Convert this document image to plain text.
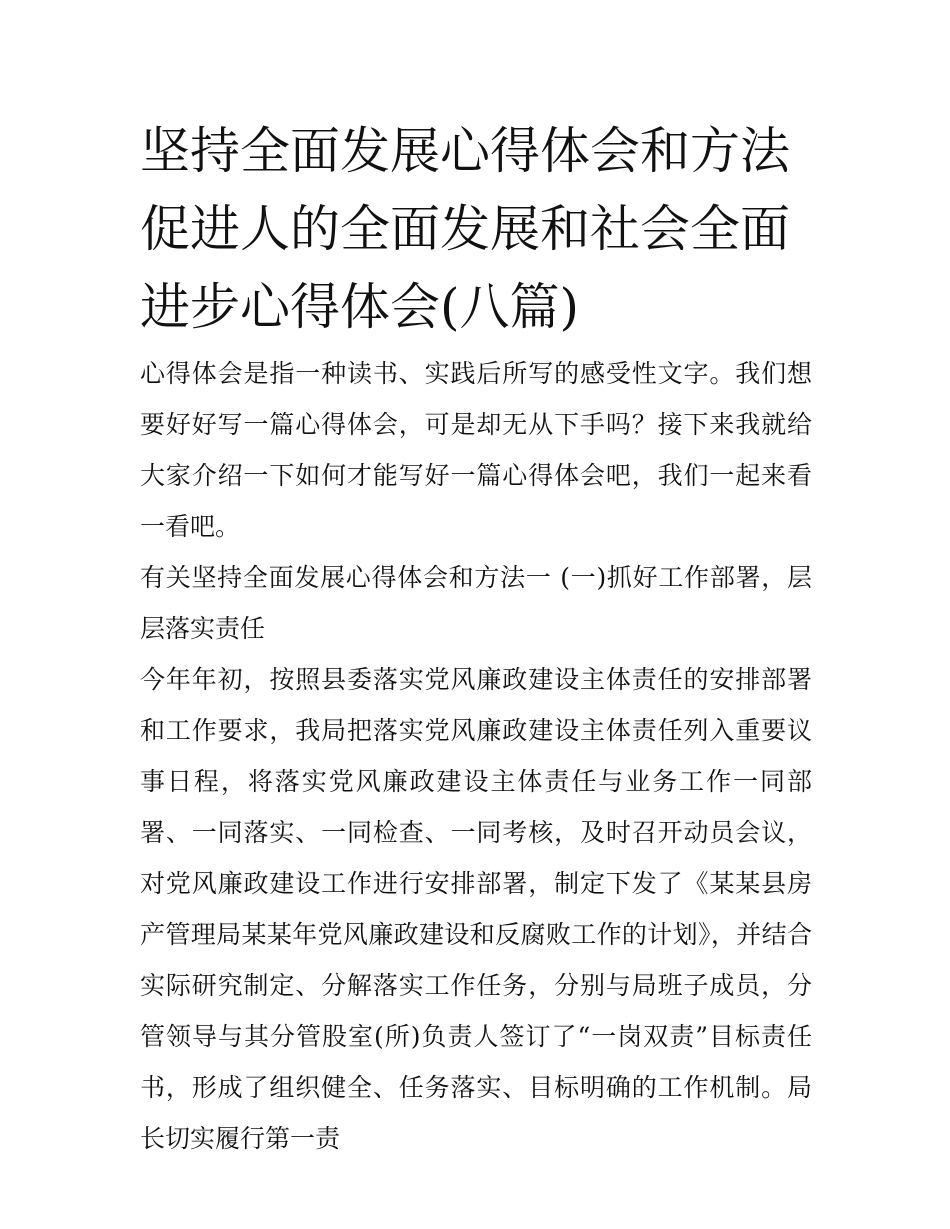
坚持全面发展心得体会和方法促进人的全面发展和社会全面进步心得体会(八篇)

心得体会是指一种读书、实践后所写的感受性文字。我们想要好好写一篇心得体会，可是却无从下手吗？接下来我就给大家介绍一下如何才能写好一篇心得体会吧，我们一起来看一看吧。

有关坚持全面发展心得体会和方法一 (一)抓好工作部署，层层落实责任

今年年初，按照县委落实党风廉政建设主体责任的安排部署和工作要求，我局把落实党风廉政建设主体责任列入重要议事日程，将落实党风廉政建设主体责任与业务工作一同部署、一同落实、一同检查、一同考核，及时召开动员会议，对党风廉政建设工作进行安排部署，制定下发了《某某县房产管理局某某年党风廉政建设和反腐败工作的计划》，并结合实际研究制定、分解落实工作任务，分别与局班子成员，分管领导与其分管股室(所)负责人签订了“一岗双责”目标责任书，形成了组织健全、任务落实、目标明确的工作机制。局长切实履行第一责
